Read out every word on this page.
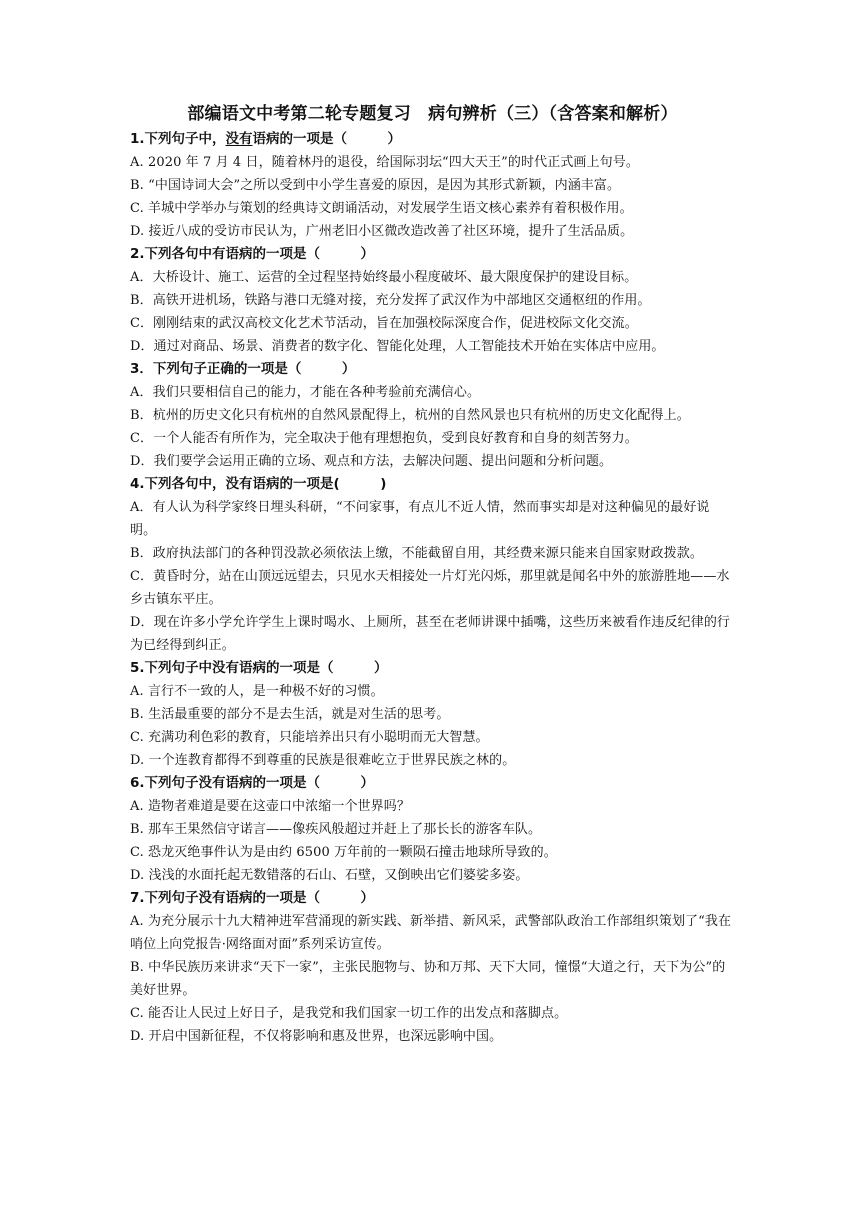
部编语文中考第二轮专题复习　病句辨析（三）（含答案和解析）
1.下列句子中，没有语病的一项是（　　　）
A. 2020 年 7 月 4 日，随着林丹的退役，给国际羽坛“四大天王”的时代正式画上句号。
B. “中国诗词大会”之所以受到中小学生喜爱的原因，是因为其形式新颖，内涵丰富。
C. 羊城中学举办与策划的经典诗文朗诵活动，对发展学生语文核心素养有着积极作用。
D. 接近八成的受访市民认为，广州老旧小区微改造改善了社区环境，提升了生活品质。
2.下列各句中有语病的一项是（　　　）
A．大桥设计、施工、运营的全过程坚持始终最小程度破坏、最大限度保护的建设目标。
B．高铁开进机场，铁路与港口无缝对接，充分发挥了武汉作为中部地区交通枢纽的作用。
C．刚刚结束的武汉高校文化艺术节活动，旨在加强校际深度合作，促进校际文化交流。
D．通过对商品、场景、消费者的数字化、智能化处理，人工智能技术开始在实体店中应用。
3．下列句子正确的一项是（　　　）
A．我们只要相信自己的能力，才能在各种考验前充满信心。
B．杭州的历史文化只有杭州的自然风景配得上，杭州的自然风景也只有杭州的历史文化配得上。
C．一个人能否有所作为，完全取决于他有理想抱负，受到良好教育和自身的刻苦努力。
D．我们要学会运用正确的立场、观点和方法，去解决问题、提出问题和分析问题。
4.下列各句中，没有语病的一项是(　　　)
A．有人认为科学家终日埋头科研，“不问家事，有点儿不近人情，然而事实却是对这种偏见的最好说明。
B．政府执法部门的各种罚没款必须依法上缴，不能截留自用，其经费来源只能来自国家财政拨款。
C．黄昏时分，站在山顶远远望去，只见水天相接处一片灯光闪烁，那里就是闻名中外的旅游胜地——水乡古镇东平庄。
D．现在许多小学允许学生上课时喝水、上厕所，甚至在老师讲课中插嘴，这些历来被看作违反纪律的行为已经得到纠正。
5.下列句子中没有语病的一项是（　　　）
A. 言行不一致的人，是一种极不好的习惯。
B. 生活最重要的部分不是去生活，就是对生活的思考。
C. 充满功利色彩的教育，只能培养出只有小聪明而无大智慧。
D. 一个连教育都得不到尊重的民族是很难屹立于世界民族之林的。
6.下列句子没有语病的一项是（　　　）
A. 造物者难道是要在这壶口中浓缩一个世界吗？
B. 那车王果然信守诺言——像疾风般超过并赶上了那长长的游客车队。
C. 恐龙灭绝事件认为是由约 6500 万年前的一颗陨石撞击地球所导致的。
D. 浅浅的水面托起无数错落的石山、石壁，又倒映出它们婆娑多姿。
7.下列句子没有语病的一项是（　　　）
A. 为充分展示十九大精神进军营涌现的新实践、新举措、新风采，武警部队政治工作部组织策划了“我在哨位上向党报告·网络面对面”系列采访宣传。
B. 中华民族历来讲求“天下一家”，主张民胞物与、协和万邦、天下大同，憧憬“大道之行，天下为公”的美好世界。
C. 能否让人民过上好日子，是我党和我们国家一切工作的出发点和落脚点。
D. 开启中国新征程，不仅将影响和惠及世界，也深远影响中国。
